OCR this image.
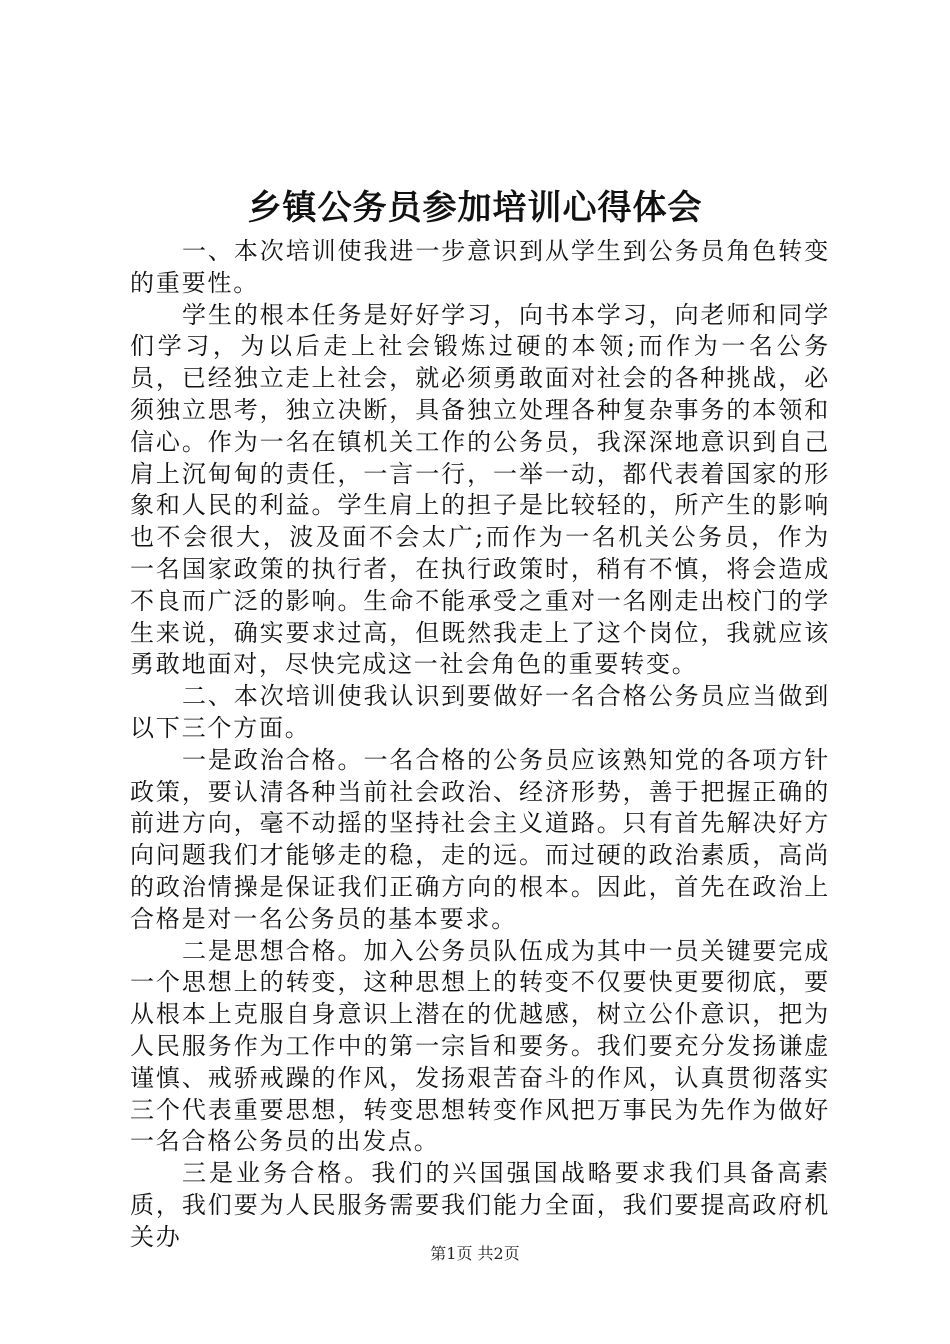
乡镇公务员参加培训心得体会

一、本次培训使我进一步意识到从学生到公务员角色转变的重要性。

学生的根本任务是好好学习，向书本学习，向老师和同学们学习，为以后走上社会锻炼过硬的本领;而作为一名公务员，已经独立走上社会，就必须勇敢面对社会的各种挑战，必须独立思考，独立决断，具备独立处理各种复杂事务的本领和信心。作为一名在镇机关工作的公务员，我深深地意识到自己肩上沉甸甸的责任，一言一行，一举一动，都代表着国家的形象和人民的利益。学生肩上的担子是比较轻的，所产生的影响也不会很大，波及面不会太广;而作为一名机关公务员，作为一名国家政策的执行者，在执行政策时，稍有不慎，将会造成不良而广泛的影响。生命不能承受之重对一名刚走出校门的学生来说，确实要求过高，但既然我走上了这个岗位，我就应该勇敢地面对，尽快完成这一社会角色的重要转变。

二、本次培训使我认识到要做好一名合格公务员应当做到以下三个方面。

一是政治合格。一名合格的公务员应该熟知党的各项方针政策，要认清各种当前社会政治、经济形势，善于把握正确的前进方向，毫不动摇的坚持社会主义道路。只有首先解决好方向问题我们才能够走的稳，走的远。而过硬的政治素质，高尚的政治情操是保证我们正确方向的根本。因此，首先在政治上合格是对一名公务员的基本要求。

二是思想合格。加入公务员队伍成为其中一员关键要完成一个思想上的转变，这种思想上的转变不仅要快更要彻底，要从根本上克服自身意识上潜在的优越感，树立公仆意识，把为人民服务作为工作中的第一宗旨和要务。我们要充分发扬谦虚谨慎、戒骄戒躁的作风，发扬艰苦奋斗的作风，认真贯彻落实三个代表重要思想，转变思想转变作风把万事民为先作为做好一名合格公务员的出发点。

三是业务合格。我们的兴国强国战略要求我们具备高素质，我们要为人民服务需要我们能力全面，我们要提高政府机关办

第1页 共2页
